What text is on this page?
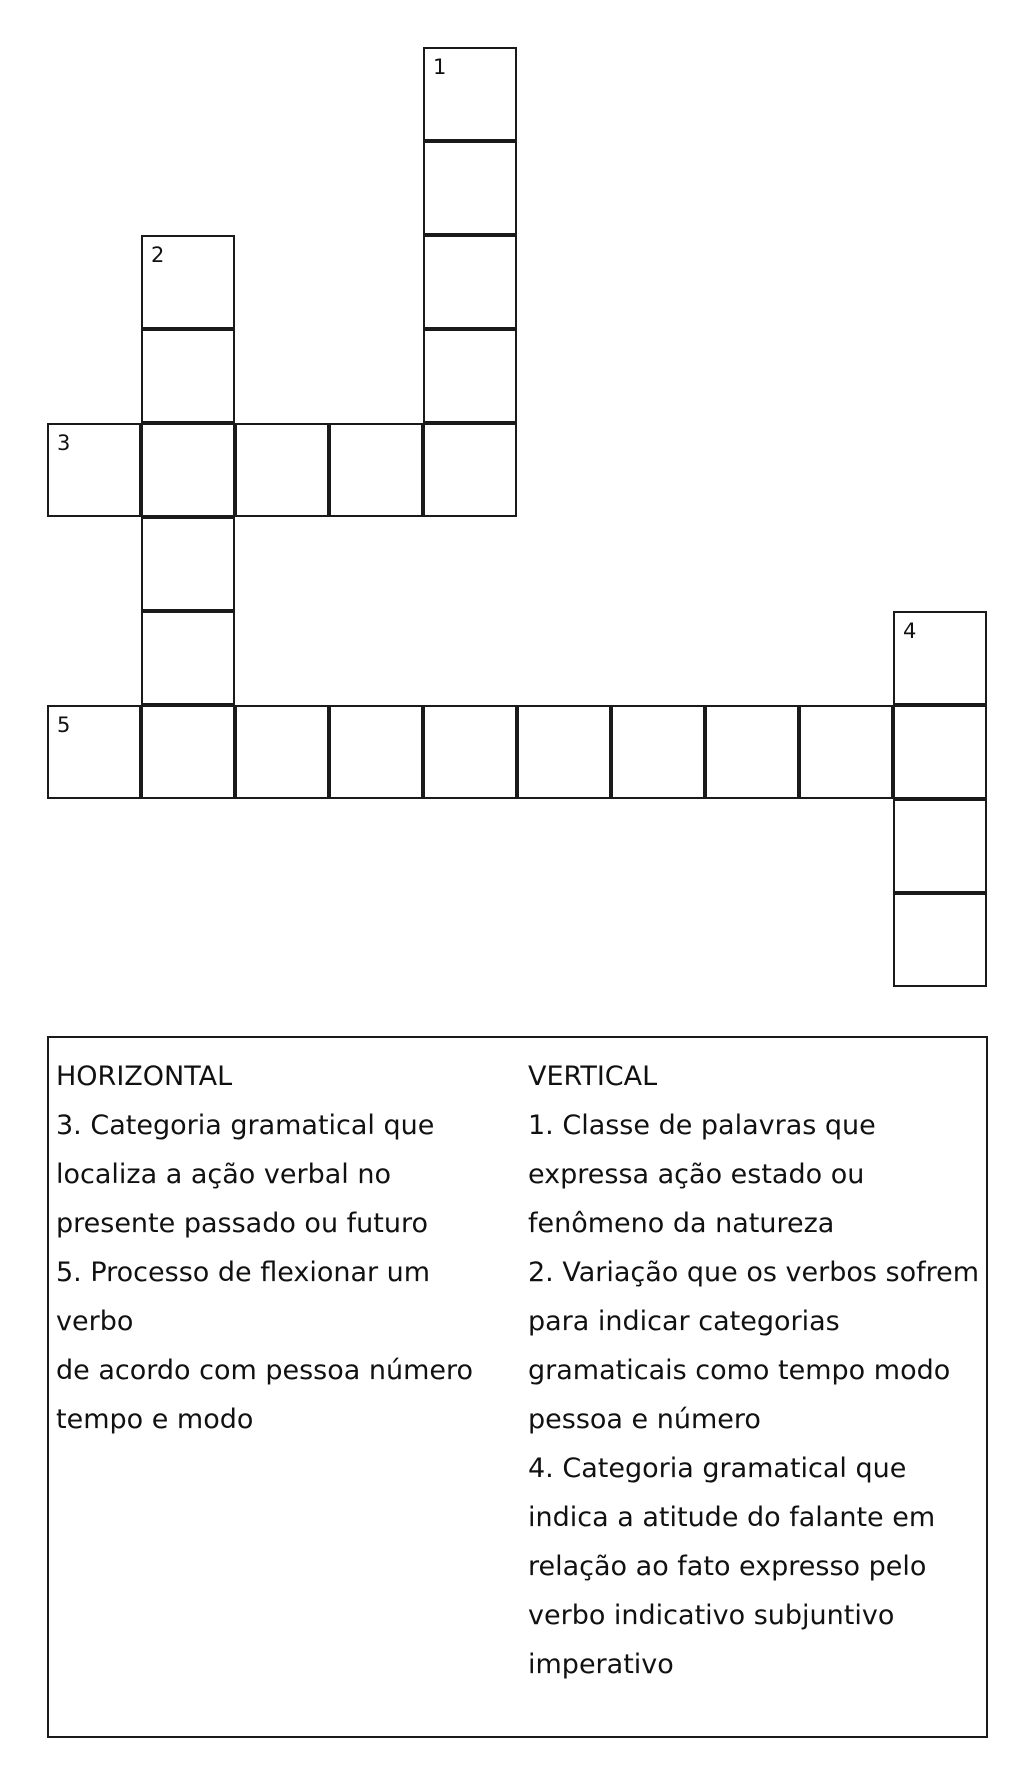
1
2
3
4
5
HORIZONTAL
3. Categoria gramatical que
localiza a ação verbal no
presente passado ou futuro
5. Processo de flexionar um verbo
de acordo com pessoa número
tempo e modo
VERTICAL
1. Classe de palavras que
expressa ação estado ou
fenômeno da natureza
2. Variação que os verbos sofrem
para indicar categorias
gramaticais como tempo modo
pessoa e número
4. Categoria gramatical que
indica a atitude do falante em
relação ao fato expresso pelo
verbo indicativo subjuntivo
imperativo
